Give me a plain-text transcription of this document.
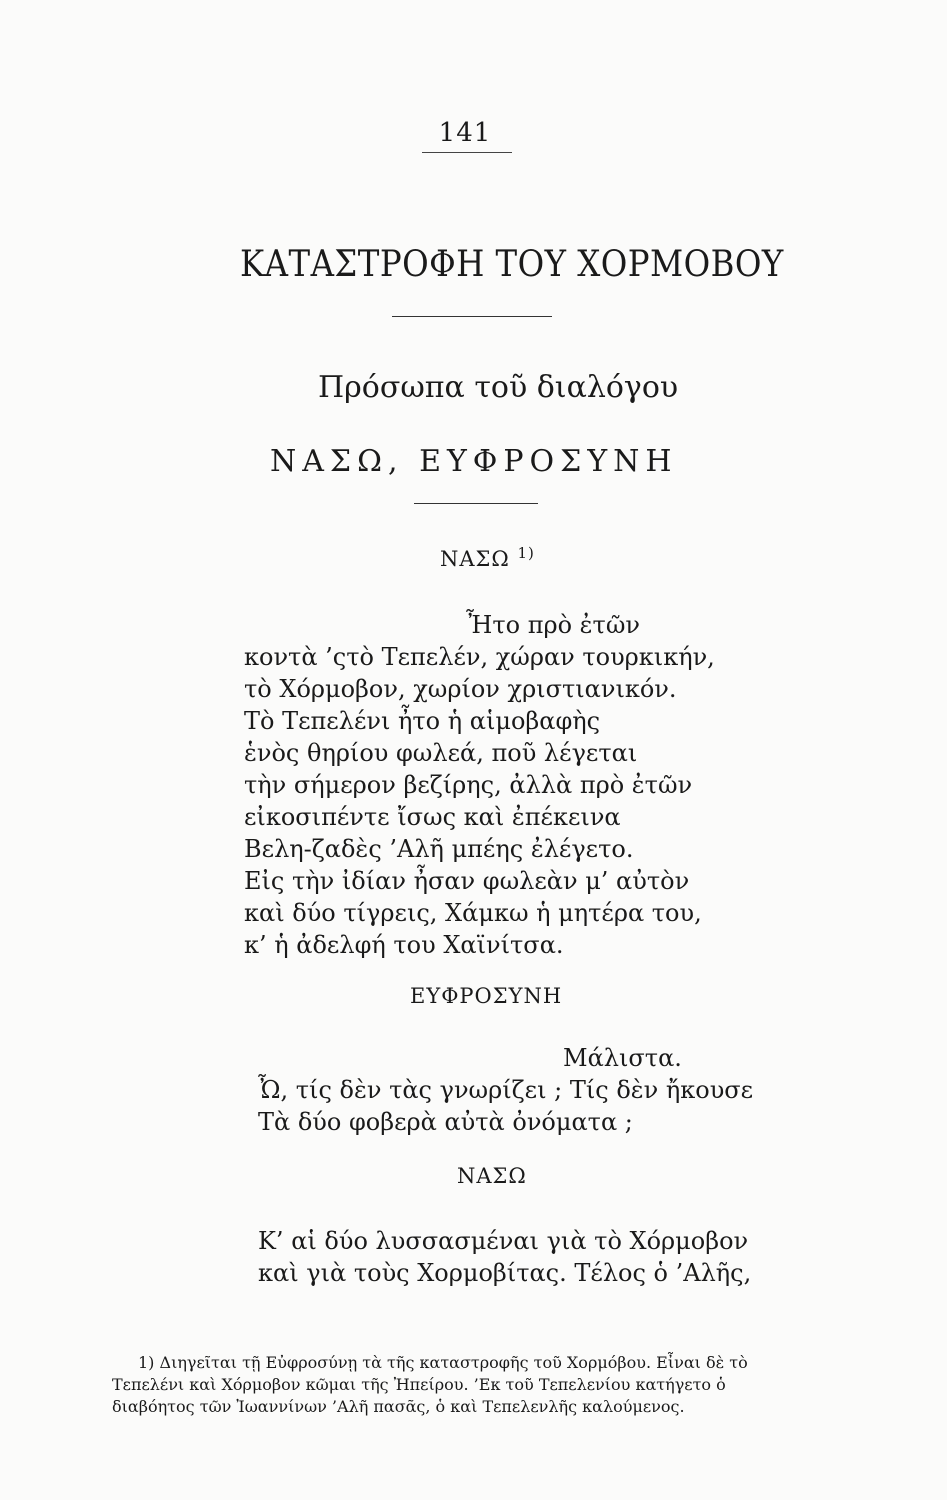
141
ΚΑΤΑΣΤΡΟΦΗ ΤΟΥ ΧΟΡΜΟΒΟΥ
Πρόσωπα τοῦ διαλόγου
ΝΑΣΩ, ΕΥΦΡΟΣΥΝΗ
ΝΑΣΩ $^{1)}$
Ἦτο πρὸ ἐτῶν
κοντὰ ’ςτὸ Τεπελέν, χώραν τουρκικήν,
τὸ Χόρμοβον, χωρίον χριστιανικόν.
Τὸ Τεπελένι ἦτο ἡ αἱμοβαφὴς
ἑνὸς θηρίου φωλεά, ποῦ λέγεται
τὴν σήμερον βεζίρης, ἀλλὰ πρὸ ἐτῶν
εἰκοσιπέντε ἴσως καὶ ἐπέκεινα
Βελη-ζαδὲς ’Αλῆ μπέης ἐλέγετο.
Εἰς τὴν ἰδίαν ἦσαν φωλεὰν μ’ αὐτὸν
καὶ δύο τίγρεις, Χάμκω ἡ μητέρα του,
κ’ ἡ ἀδελφή του Χαϊνίτσα.
ΕΥΦΡΟΣΥΝΗ
Μάλιστα.
Ὦ, τίς δὲν τὰς γνωρίζει ; Τίς δὲν ἤκουσε
Τὰ δύο φοβερὰ αὐτὰ ὀνόματα ;
ΝΑΣΩ
Κ’ αἱ δύο λυσσασμέναι γιὰ τὸ Χόρμοβον
καὶ γιὰ τοὺς Χορμοβίτας. Τέλος ὁ ’Αλῆς,
1) Διηγεῖται τῇ Εὐφροσύνῃ τὰ τῆς καταστροφῆς τοῦ Χορμόβου. Εἶναι δὲ τὸ
Τεπελένι καὶ Χόρμοβον κῶμαι τῆς Ἠπείρου. ’Εκ τοῦ Τεπελενίου κατήγετο ὁ
διαβόητος τῶν Ἰωαννίνων ’Αλῆ πασᾶς, ὁ καὶ Τεπελενλῆς καλούμενος.
